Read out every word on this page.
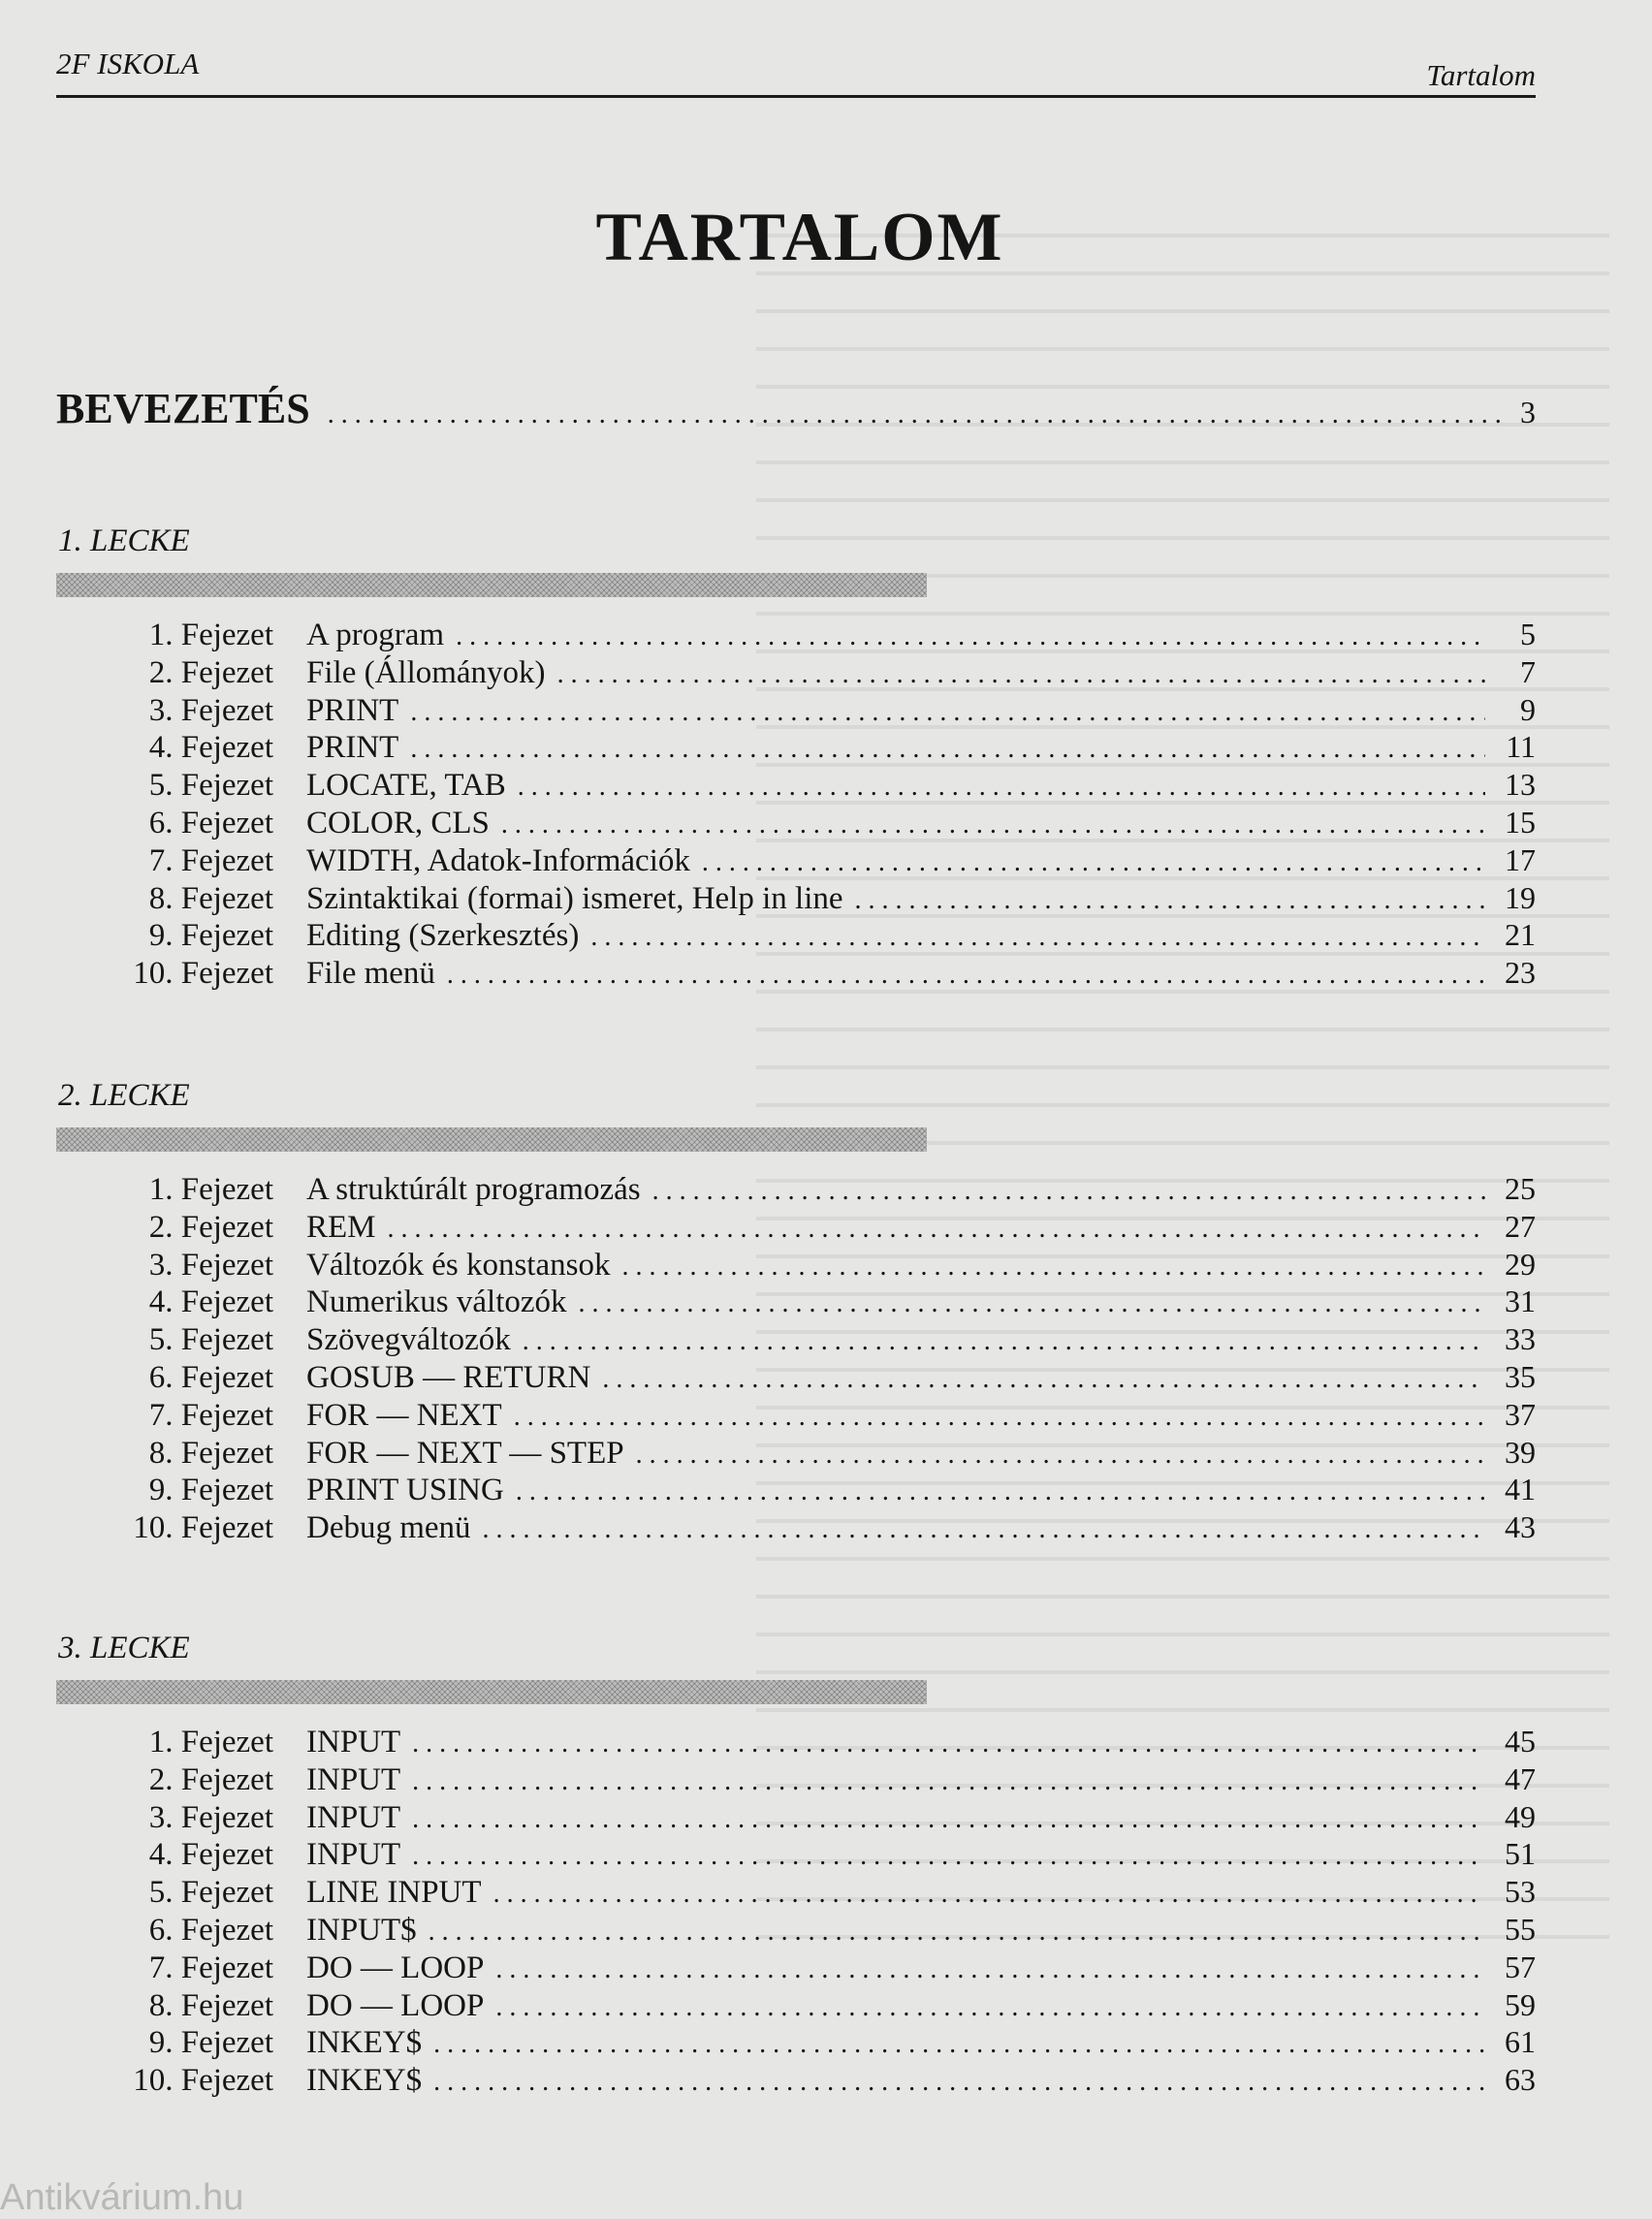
2F ISKOLA	Tartalom
TARTALOM
BEVEZETÉS .....	3
1. LECKE
1. Fejezet A program .....	5
2. Fejezet File (Állományok) .....	7
3. Fejezet PRINT .....	9
4. Fejezet PRINT .....	11
5. Fejezet LOCATE, TAB .....	13
6. Fejezet COLOR, CLS .....	15
7. Fejezet WIDTH, Adatok-Információk .....	17
8. Fejezet Szintaktikai (formai) ismeret, Help in line .....	19
9. Fejezet Editing (Szerkesztés) .....	21
10. Fejezet File menü .....	23
2. LECKE
1. Fejezet A struktúrált programozás .....	25
2. Fejezet REM .....	27
3. Fejezet Változók és konstansok .....	29
4. Fejezet Numerikus változók .....	31
5. Fejezet Szövegváltozók .....	33
6. Fejezet GOSUB — RETURN .....	35
7. Fejezet FOR — NEXT .....	37
8. Fejezet FOR — NEXT — STEP .....	39
9. Fejezet PRINT USING .....	41
10. Fejezet Debug menü .....	43
3. LECKE
1. Fejezet INPUT .....	45
2. Fejezet INPUT .....	47
3. Fejezet INPUT .....	49
4. Fejezet INPUT .....	51
5. Fejezet LINE INPUT .....	53
6. Fejezet INPUT$ .....	55
7. Fejezet DO — LOOP .....	57
8. Fejezet DO — LOOP .....	59
9. Fejezet INKEY$ .....	61
10. Fejezet INKEY$ .....	63
Antikvárium.hu
